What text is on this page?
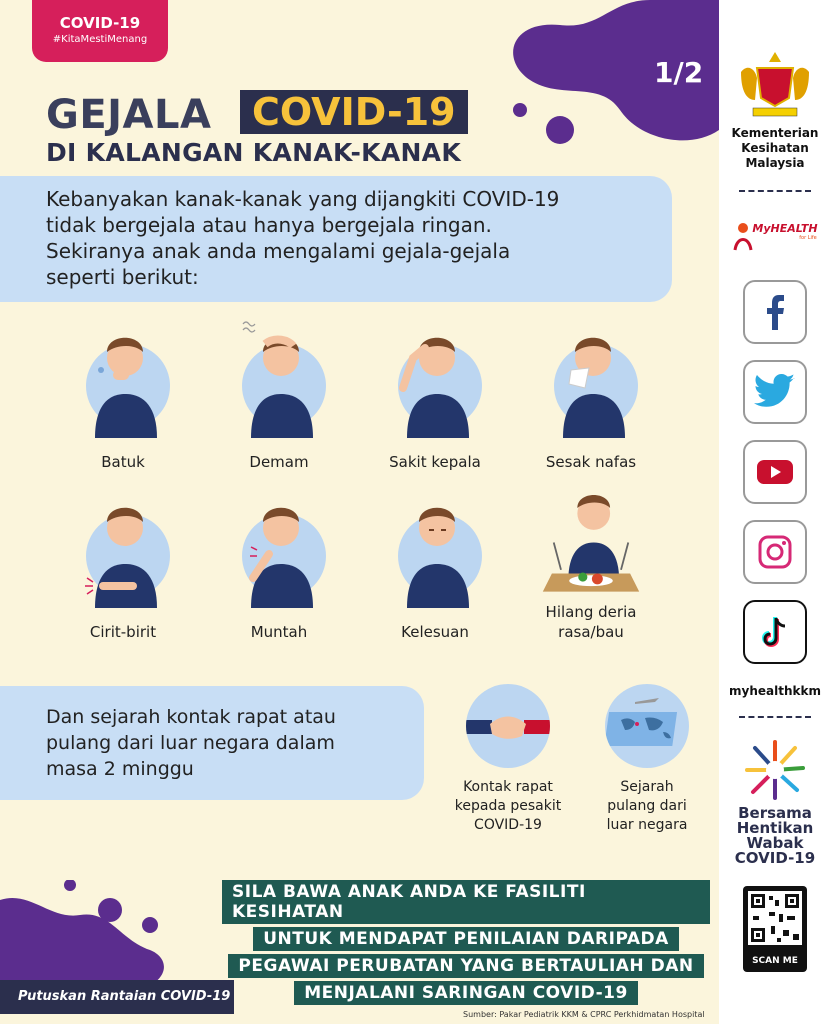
COVID-19
#KitaMestiMenang
1/2
GEJALA	COVID-19
DI KALANGAN KANAK-KANAK
Kebanyakan kanak-kanak yang dijangkiti COVID-19
tidak bergejala atau hanya bergejala ringan.
Sekiranya anak anda mengalami gejala-gejala
seperti berikut:
Batuk	Demam	Sakit kepala	Sesak nafas
Cirit-birit	Muntah	Kelesuan
Hilang deria rasa/bau
Dan sejarah kontak rapat atau
pulang dari luar negara dalam
masa 2 minggu
Kontak rapat
kepada pesakit
COVID-19
Sejarah
pulang dari
luar negara
SILA BAWA ANAK ANDA KE FASILITI KESIHATAN
UNTUK MENDAPAT PENILAIAN DARIPADA
PEGAWAI PERUBATAN YANG BERTAULIAH DAN
MENJALANI SARINGAN COVID-19
Putuskan Rantaian COVID-19
Sumber: Pakar Pediatrik KKM & CPRC Perkhidmatan Hospital
Kementerian
Kesihatan
Malaysia
MyHEALTH
for Life
myhealthkkm
Bersama
Hentikan
Wabak
COVID-19
SCAN ME
